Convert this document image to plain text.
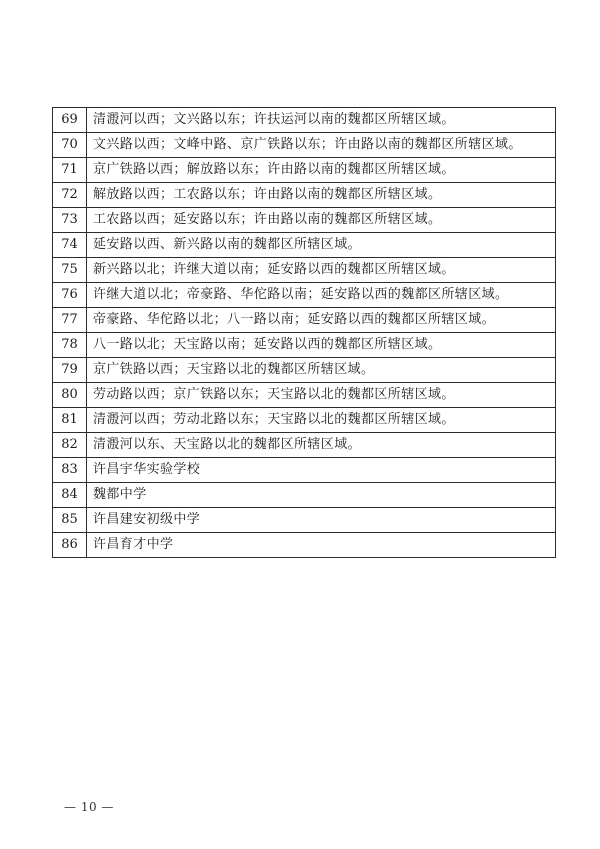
69	清溵河以西；文兴路以东；许扶运河以南的魏都区所辖区域。
70	文兴路以西；文峰中路、京广铁路以东；许由路以南的魏都区所辖区域。
71	京广铁路以西；解放路以东；许由路以南的魏都区所辖区域。
72	解放路以西；工农路以东；许由路以南的魏都区所辖区域。
73	工农路以西；延安路以东；许由路以南的魏都区所辖区域。
74	延安路以西、新兴路以南的魏都区所辖区域。
75	新兴路以北；许继大道以南；延安路以西的魏都区所辖区域。
76	许继大道以北；帝豪路、华佗路以南；延安路以西的魏都区所辖区域。
77	帝豪路、华佗路以北；八一路以南；延安路以西的魏都区所辖区域。
78	八一路以北；天宝路以南；延安路以西的魏都区所辖区域。
79	京广铁路以西；天宝路以北的魏都区所辖区域。
80	劳动路以西；京广铁路以东；天宝路以北的魏都区所辖区域。
81	清溵河以西；劳动北路以东；天宝路以北的魏都区所辖区域。
82	清溵河以东、天宝路以北的魏都区所辖区域。
83	许昌宇华实验学校
84	魏都中学
85	许昌建安初级中学
86	许昌育才中学
— 10 —
